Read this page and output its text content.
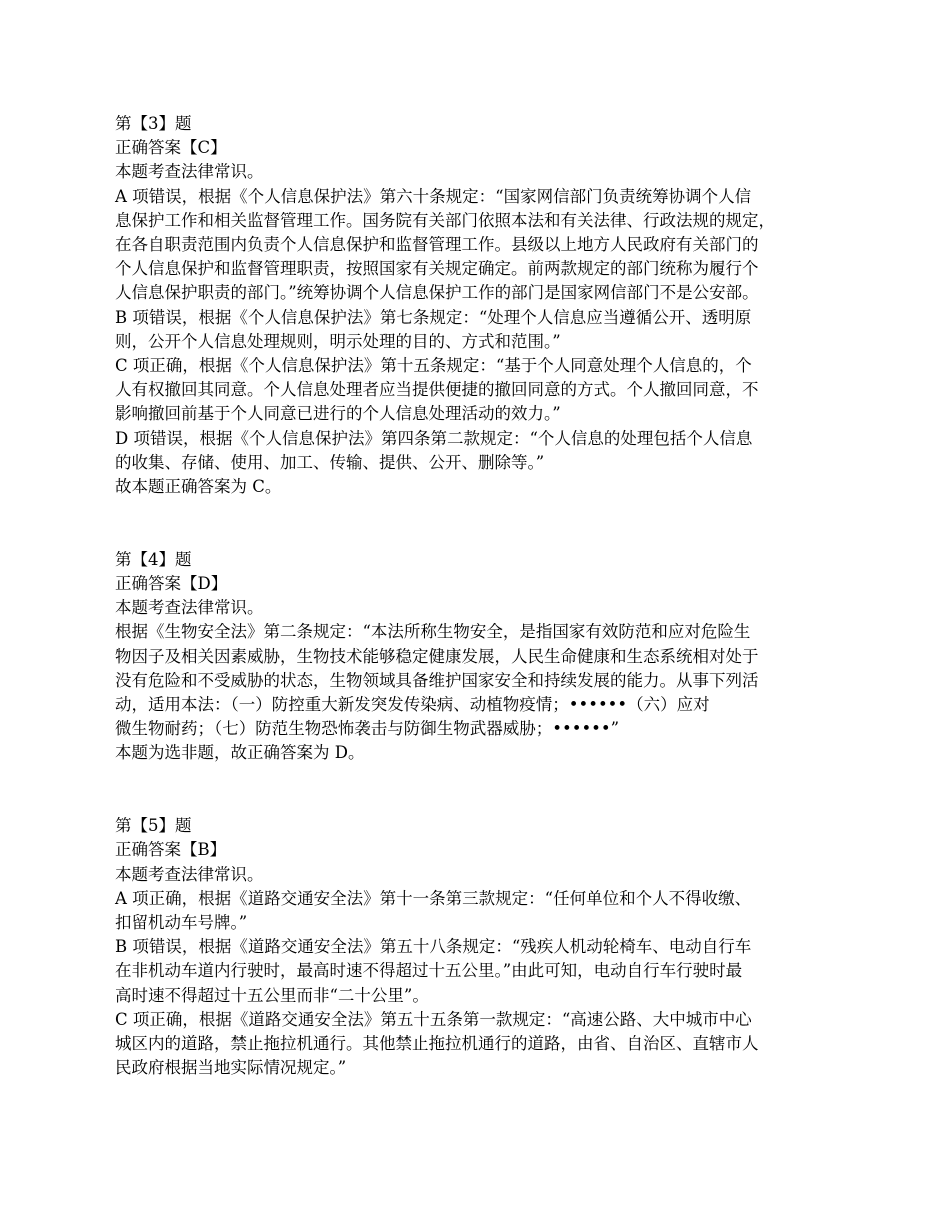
第【3】题
正确答案【C】
本题考查法律常识。
A 项错误，根据《个人信息保护法》第六十条规定：“国家网信部门负责统筹协调个人信
息保护工作和相关监督管理工作。国务院有关部门依照本法和有关法律、行政法规的规定，
在各自职责范围内负责个人信息保护和监督管理工作。县级以上地方人民政府有关部门的
个人信息保护和监督管理职责，按照国家有关规定确定。前两款规定的部门统称为履行个
人信息保护职责的部门。”统筹协调个人信息保护工作的部门是国家网信部门不是公安部。
B 项错误，根据《个人信息保护法》第七条规定：“处理个人信息应当遵循公开、透明原
则，公开个人信息处理规则，明示处理的目的、方式和范围。”
C 项正确，根据《个人信息保护法》第十五条规定：“基于个人同意处理个人信息的，个
人有权撤回其同意。个人信息处理者应当提供便捷的撤回同意的方式。个人撤回同意，不
影响撤回前基于个人同意已进行的个人信息处理活动的效力。”
D 项错误，根据《个人信息保护法》第四条第二款规定：“个人信息的处理包括个人信息
的收集、存储、使用、加工、传输、提供、公开、删除等。”
故本题正确答案为 C。
第【4】题
正确答案【D】
本题考查法律常识。
根据《生物安全法》第二条规定：“本法所称生物安全，是指国家有效防范和应对危险生
物因子及相关因素威胁，生物技术能够稳定健康发展，人民生命健康和生态系统相对处于
没有危险和不受威胁的状态，生物领域具备维护国家安全和持续发展的能力。从事下列活
动，适用本法：（一）防控重大新发突发传染病、动植物疫情；••••••（六）应对
微生物耐药；（七）防范生物恐怖袭击与防御生物武器威胁；••••••”
本题为选非题，故正确答案为 D。
第【5】题
正确答案【B】
本题考查法律常识。
A 项正确，根据《道路交通安全法》第十一条第三款规定：“任何单位和个人不得收缴、
扣留机动车号牌。”
B 项错误，根据《道路交通安全法》第五十八条规定：“残疾人机动轮椅车、电动自行车
在非机动车道内行驶时，最高时速不得超过十五公里。”由此可知，电动自行车行驶时最
高时速不得超过十五公里而非“二十公里”。
C 项正确，根据《道路交通安全法》第五十五条第一款规定：“高速公路、大中城市中心
城区内的道路，禁止拖拉机通行。其他禁止拖拉机通行的道路，由省、自治区、直辖市人
民政府根据当地实际情况规定。”
